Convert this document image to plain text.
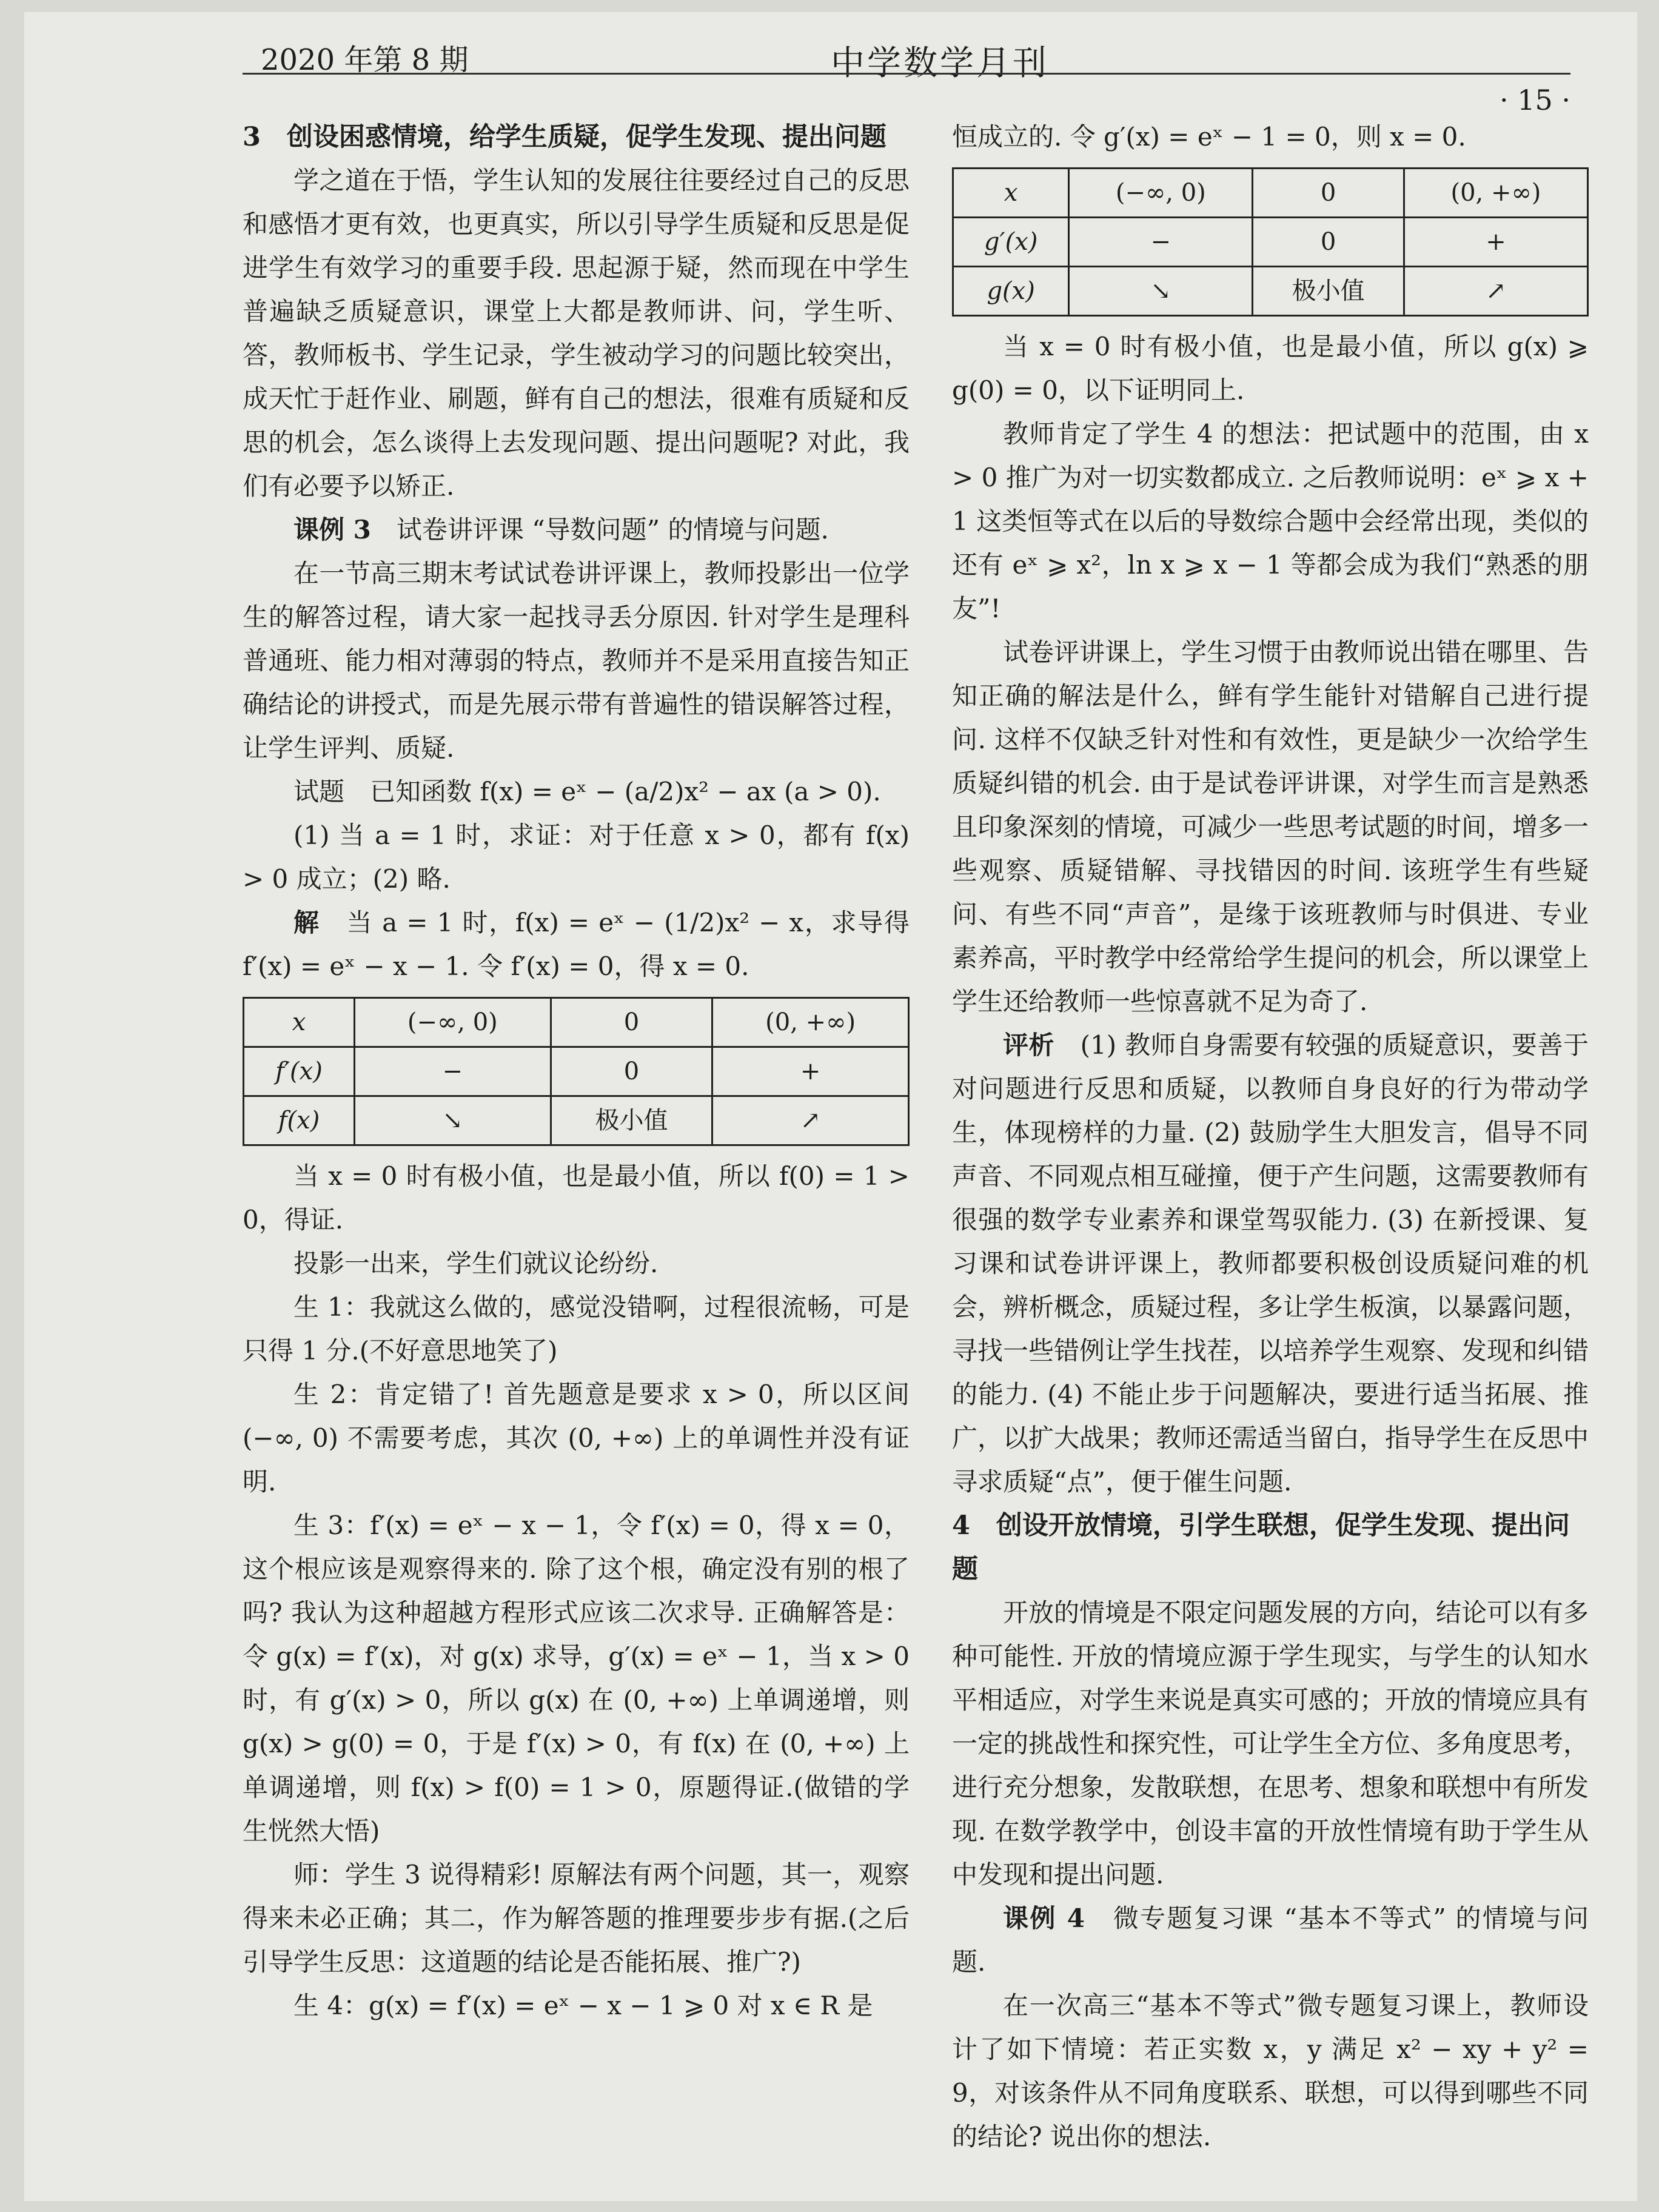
2020 年第 8 期	中学数学月刊
· 15 ·
3　创设困惑情境，给学生质疑，促学生发现、提出问题

学之道在于悟，学生认知的发展往往要经过自己的反思和感悟才更有效，也更真实，所以引导学生质疑和反思是促进学生有效学习的重要手段. 思起源于疑，然而现在中学生普遍缺乏质疑意识，课堂上大都是教师讲、问，学生听、答，教师板书、学生记录，学生被动学习的问题比较突出，成天忙于赶作业、刷题，鲜有自己的想法，很难有质疑和反思的机会，怎么谈得上去发现问题、提出问题呢? 对此，我们有必要予以矫正.

课例 3　试卷讲评课 “导数问题” 的情境与问题.

在一节高三期末考试试卷讲评课上，教师投影出一位学生的解答过程，请大家一起找寻丢分原因. 针对学生是理科普通班、能力相对薄弱的特点，教师并不是采用直接告知正确结论的讲授式，而是先展示带有普遍性的错误解答过程，让学生评判、质疑.

试题　已知函数 f(x) = eˣ − (a/2)x² − ax (a > 0).

(1) 当 a = 1 时，求证：对于任意 x > 0，都有 f(x) > 0 成立；(2) 略.

解　当 a = 1 时，f(x) = eˣ − (1/2)x² − x，求导得 f′(x) = eˣ − x − 1. 令 f′(x) = 0，得 x = 0.

x	(−∞, 0)	0	(0, +∞)
f′(x)	−	0	+
f(x)	↘	极小值	↗

当 x = 0 时有极小值，也是最小值，所以 f(0) = 1 > 0，得证.

投影一出来，学生们就议论纷纷.

生 1：我就这么做的，感觉没错啊，过程很流畅，可是只得 1 分.(不好意思地笑了)

生 2：肯定错了! 首先题意是要求 x > 0，所以区间 (−∞, 0) 不需要考虑，其次 (0, +∞) 上的单调性并没有证明.

生 3：f′(x) = eˣ − x − 1，令 f′(x) = 0，得 x = 0，这个根应该是观察得来的. 除了这个根，确定没有别的根了吗? 我认为这种超越方程形式应该二次求导. 正确解答是：令 g(x) = f′(x)，对 g(x) 求导，g′(x) = eˣ − 1，当 x > 0 时，有 g′(x) > 0，所以 g(x) 在 (0, +∞) 上单调递增，则 g(x) > g(0) = 0，于是 f′(x) > 0，有 f(x) 在 (0, +∞) 上单调递增，则 f(x) > f(0) = 1 > 0，原题得证.(做错的学生恍然大悟)

师：学生 3 说得精彩! 原解法有两个问题，其一，观察得来未必正确；其二，作为解答题的推理要步步有据.(之后引导学生反思：这道题的结论是否能拓展、推广?)

生 4：g(x) = f′(x) = eˣ − x − 1 ⩾ 0 对 x ∈ R 是

恒成立的. 令 g′(x) = eˣ − 1 = 0，则 x = 0.

x	(−∞, 0)	0	(0, +∞)
g′(x)	−	0	+
g(x)	↘	极小值	↗

当 x = 0 时有极小值，也是最小值，所以 g(x) ⩾ g(0) = 0，以下证明同上.

教师肯定了学生 4 的想法：把试题中的范围，由 x > 0 推广为对一切实数都成立. 之后教师说明：eˣ ⩾ x + 1 这类恒等式在以后的导数综合题中会经常出现，类似的还有 eˣ ⩾ x²，ln x ⩾ x − 1 等都会成为我们“熟悉的朋友”!

试卷评讲课上，学生习惯于由教师说出错在哪里、告知正确的解法是什么，鲜有学生能针对错解自己进行提问. 这样不仅缺乏针对性和有效性，更是缺少一次给学生质疑纠错的机会. 由于是试卷评讲课，对学生而言是熟悉且印象深刻的情境，可减少一些思考试题的时间，增多一些观察、质疑错解、寻找错因的时间. 该班学生有些疑问、有些不同“声音”，是缘于该班教师与时俱进、专业素养高，平时教学中经常给学生提问的机会，所以课堂上学生还给教师一些惊喜就不足为奇了.

评析　(1) 教师自身需要有较强的质疑意识，要善于对问题进行反思和质疑，以教师自身良好的行为带动学生，体现榜样的力量. (2) 鼓励学生大胆发言，倡导不同声音、不同观点相互碰撞，便于产生问题，这需要教师有很强的数学专业素养和课堂驾驭能力. (3) 在新授课、复习课和试卷讲评课上，教师都要积极创设质疑问难的机会，辨析概念，质疑过程，多让学生板演，以暴露问题，寻找一些错例让学生找茬，以培养学生观察、发现和纠错的能力. (4) 不能止步于问题解决，要进行适当拓展、推广，以扩大战果；教师还需适当留白，指导学生在反思中寻求质疑“点”，便于催生问题.

4　创设开放情境，引学生联想，促学生发现、提出问题

开放的情境是不限定问题发展的方向，结论可以有多种可能性. 开放的情境应源于学生现实，与学生的认知水平相适应，对学生来说是真实可感的；开放的情境应具有一定的挑战性和探究性，可让学生全方位、多角度思考，进行充分想象，发散联想，在思考、想象和联想中有所发现. 在数学教学中，创设丰富的开放性情境有助于学生从中发现和提出问题.

课例 4　微专题复习课 “基本不等式” 的情境与问题.

在一次高三“基本不等式”微专题复习课上，教师设计了如下情境：若正实数 x，y 满足 x² − xy + y² = 9，对该条件从不同角度联系、联想，可以得到哪些不同的结论? 说出你的想法.
